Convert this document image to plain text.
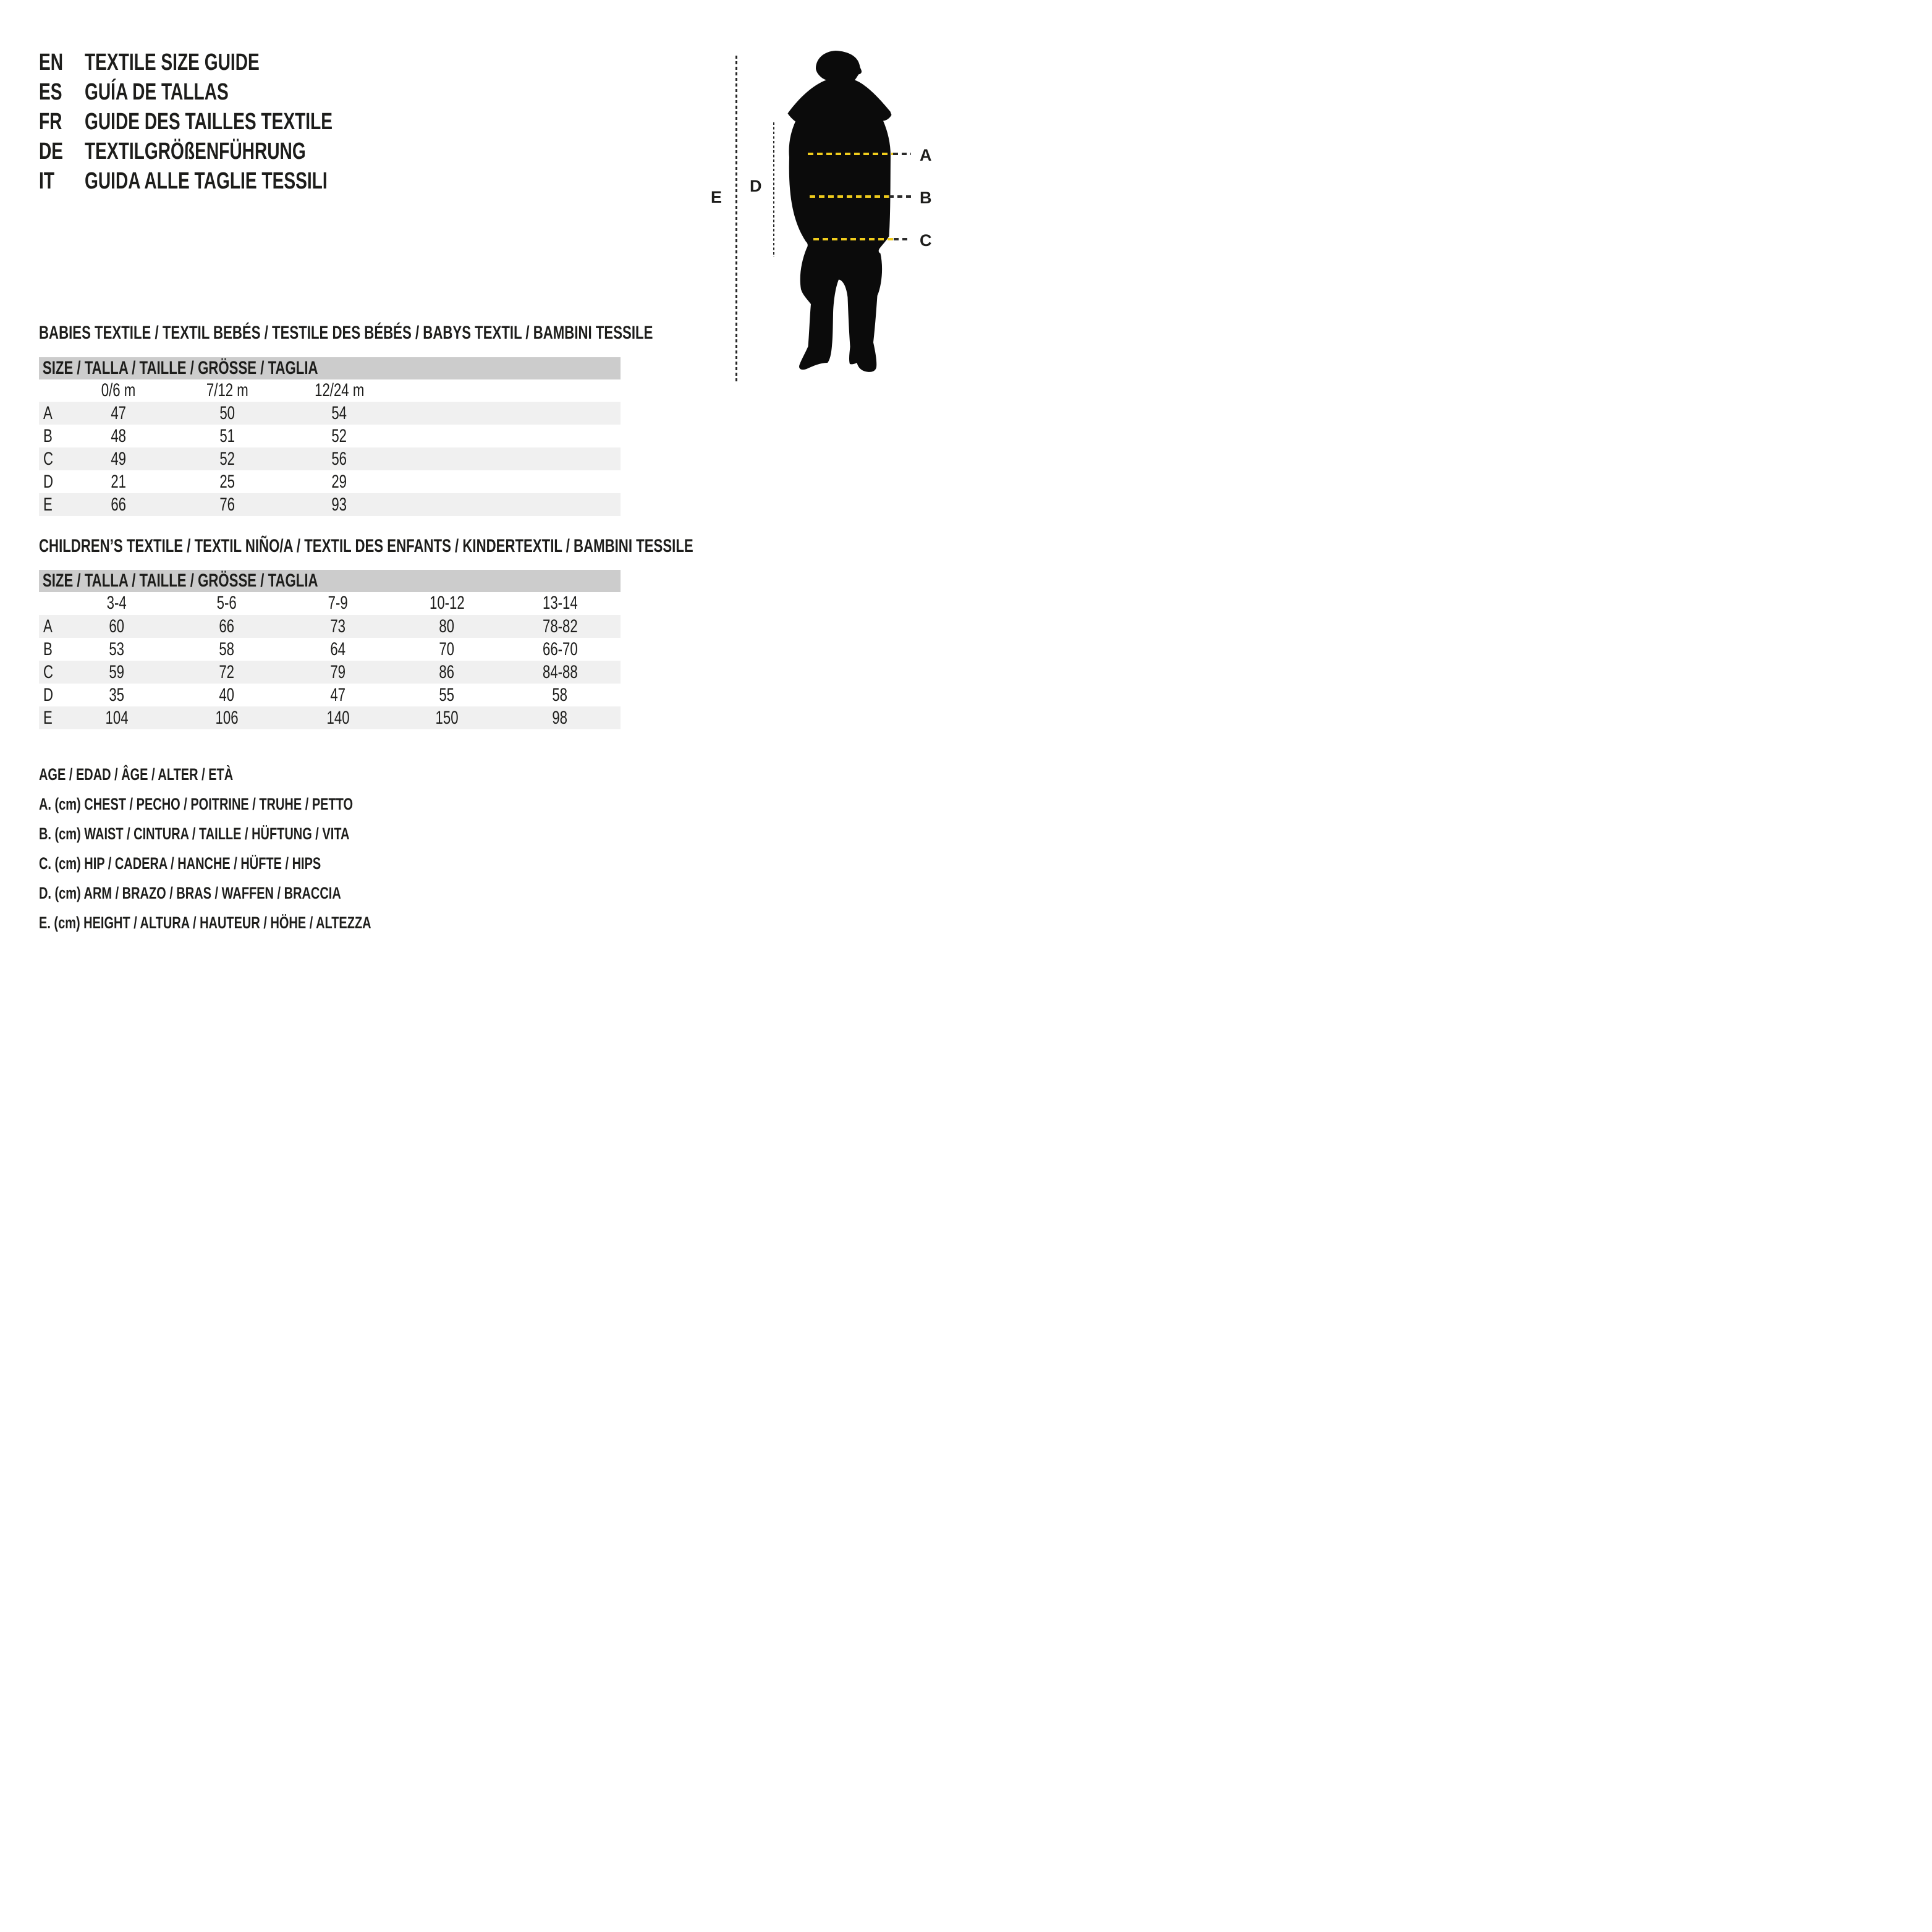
EN TEXTILE SIZE GUIDE
ES GUÍA DE TALLAS
FR GUIDE DES TAILLES TEXTILE
DE TEXTILGRÖßENFÜHRUNG
IT	GUIDA ALLE TAGLIE TESSILI
A
B
C
E
D
BABIES TEXTILE / TEXTIL BEBÉS / TESTILE DES BÉBÉS / BABYS TEXTIL / BAMBINI TESSILE
SIZE / TALLA / TAILLE / GRÖSSE / TAGLIA
0/6 m	7/12 m	12/24 m
A	47	50	54
B	48	51	52
C	49	52	56
D	21	25	29
E	66	76	93
CHILDREN’S TEXTILE / TEXTIL NIÑO/A / TEXTIL DES ENFANTS / KINDERTEXTIL / BAMBINI TESSILE
SIZE / TALLA / TAILLE / GRÖSSE / TAGLIA
3-4	5-6	7-9	10-12	13-14
A	60	66	73	80	78-82
B	53	58	64	70	66-70
C	59	72	79	86	84-88
D	35	40	47	55	58
E	104	106	140	150	98
AGE / EDAD / ÂGE / ALTER / ETÀ
A. (cm) CHEST / PECHO / POITRINE / TRUHE / PETTO
B. (cm) WAIST / CINTURA / TAILLE / HÜFTUNG / VITA
C. (cm) HIP / CADERA / HANCHE / HÜFTE / HIPS
D. (cm) ARM / BRAZO / BRAS / WAFFEN / BRACCIA
E. (cm) HEIGHT / ALTURA / HAUTEUR / HÖHE / ALTEZZA
